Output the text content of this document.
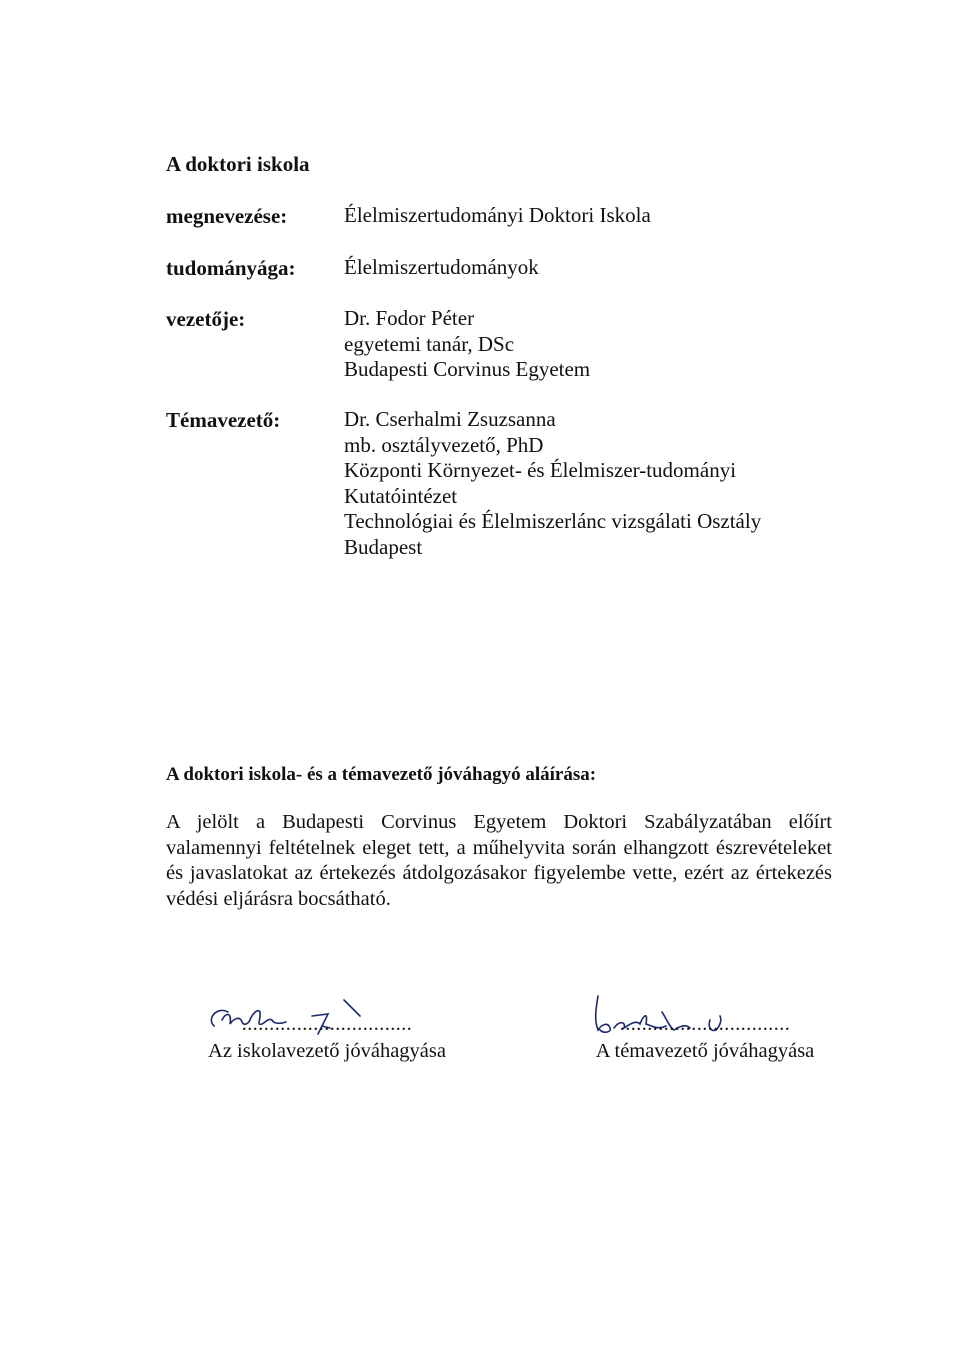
A doktori iskola
megnevezése:	Élelmiszertudományi Doktori Iskola
tudományága: Élelmiszertudományok
vezetője:	Dr. Fodor Péter
egyetemi tanár, DSc
Budapesti Corvinus Egyetem
Témavezető:	Dr. Cserhalmi Zsuzsanna
mb. osztályvezető, PhD
Központi Környezet- és Élelmiszer-tudományi
Kutatóintézet
Technológiai és Élelmiszerlánc vizsgálati Osztály
Budapest
A doktori iskola- és a témavezető jóváhagyó aláírása:

A jelölt a Budapesti Corvinus Egyetem Doktori Szabályzatában előírt valamennyi feltételnek eleget tett, a műhelyvita során elhangzott észrevételeket és javaslatokat az értekezés átdolgozásakor figyelembe vette, ezért az értekezés védési eljárásra bocsátható.

...............................
Az iskolavezető jóváhagyása
...............................
A témavezető jóváhagyása
